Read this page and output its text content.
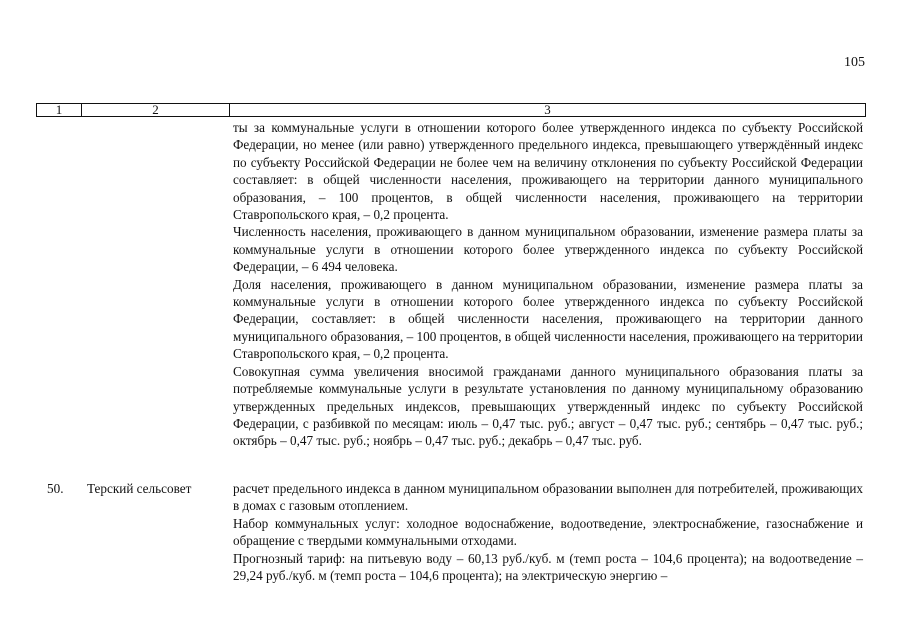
105
1	2	3

ты за коммунальные услуги в отношении которого более утвержденного индекса по субъекту Российской Федерации, но менее (или равно) утвержденного предельного индекса, превышающего утверждённый индекс по субъекту Российской Федерации не более чем на величину отклонения по субъекту Российской Федерации составляет: в общей численности населения, проживающего на территории данного муниципального образования, – 100 процентов, в общей численности населения, проживающего на территории Ставропольского края, – 0,2 процента.

Численность населения, проживающего в данном муниципальном образовании, изменение размера платы за коммунальные услуги в отношении которого более утвержденного индекса по субъекту Российской Федерации, – 6 494 человека.

Доля населения, проживающего в данном муниципальном образовании, изменение размера платы за коммунальные услуги в отношении которого более утвержденного индекса по субъекту Российской Федерации, составляет: в общей численности населения, проживающего на территории данного муниципального образования, – 100 процентов, в общей численности населения, проживающего на территории Ставропольского края, – 0,2 процента.

Совокупная сумма увеличения вносимой гражданами данного муниципального образования платы за потребляемые коммунальные услуги в результате установления по данному муниципальному образованию утвержденных предельных индексов, превышающих утвержденный индекс по субъекту Российской Федерации, с разбивкой по месяцам: июль – 0,47 тыс. руб.; август – 0,47 тыс. руб.; сентябрь – 0,47 тыс. руб.; октябрь – 0,47 тыс. руб.; ноябрь – 0,47 тыс. руб.; декабрь – 0,47 тыс. руб.

50. Терский сельсовет	расчет предельного индекса в данном муниципальном образовании выполнен для потребителей, проживающих в домах с газовым отоплением.

Набор коммунальных услуг: холодное водоснабжение, водоотведение, электроснабжение, газоснабжение и обращение с твердыми коммунальными отходами.

Прогнозный тариф: на питьевую воду – 60,13 руб./куб. м (темп роста – 104,6 процента); на водоотведение – 29,24 руб./куб. м (темп роста – 104,6 процента); на электрическую энергию –
